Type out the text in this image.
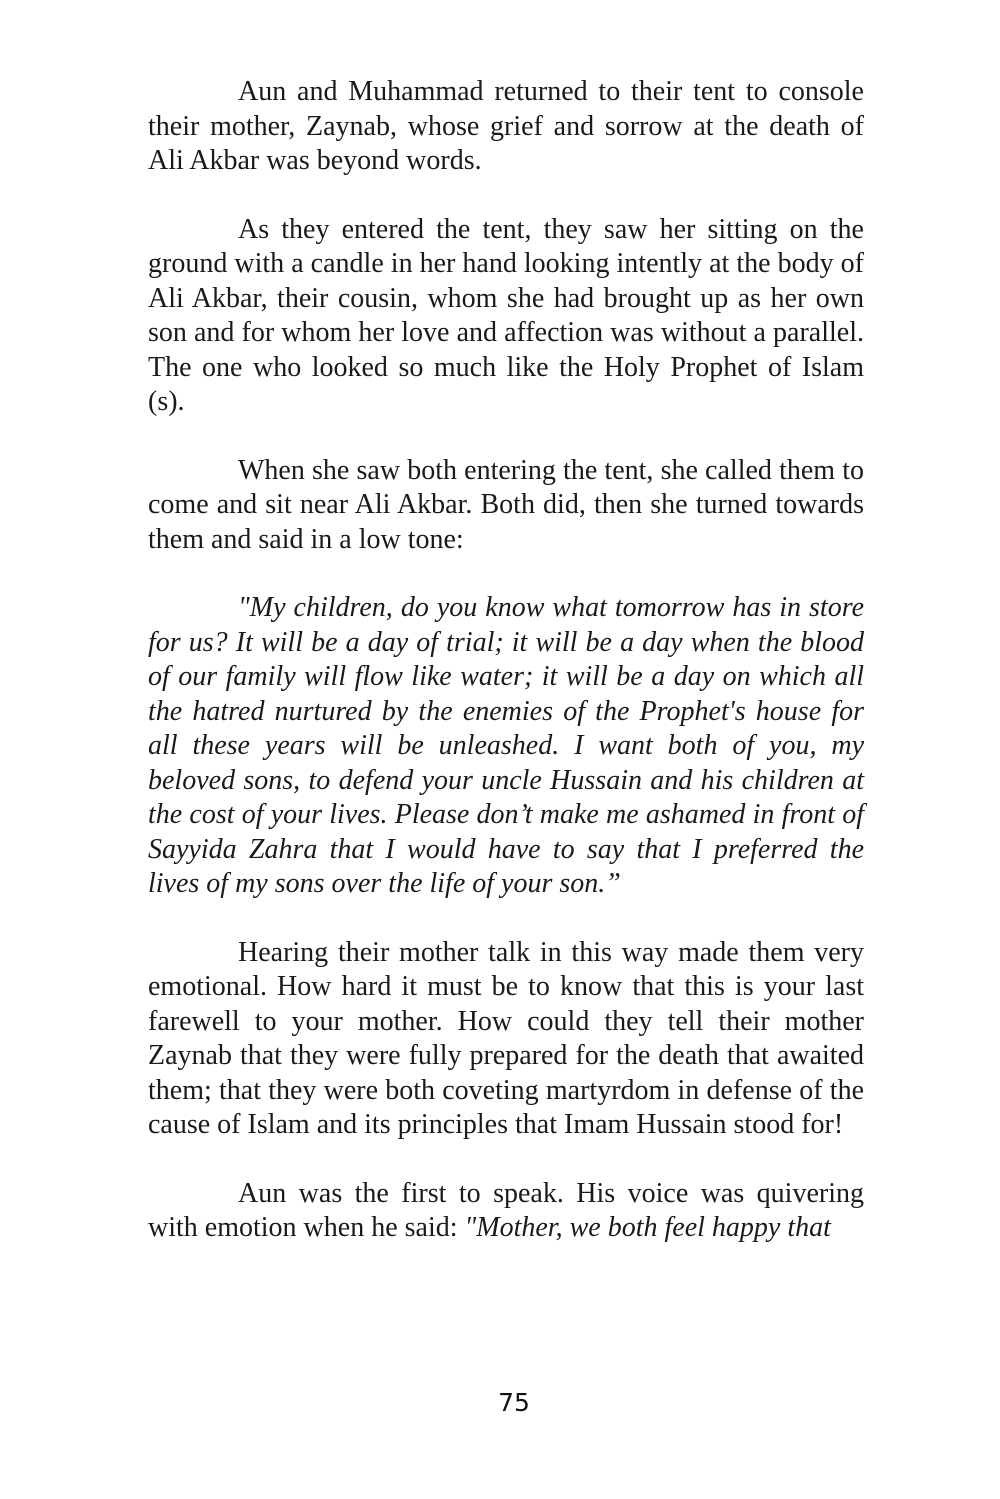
Aun and Muhammad returned to their tent to console their mother, Zaynab, whose grief and sorrow at the death of Ali Akbar was beyond words.

As they entered the tent, they saw her sitting on the ground with a candle in her hand looking intently at the body of Ali Akbar, their cousin, whom she had brought up as her own son and for whom her love and affection was without a parallel. The one who looked so much like the Holy Prophet of Islam (s).

When she saw both entering the tent, she called them to come and sit near Ali Akbar. Both did, then she turned towards them and said in a low tone:

"My children, do you know what tomorrow has in store for us? It will be a day of trial; it will be a day when the blood of our family will flow like water; it will be a day on which all the hatred nurtured by the enemies of the Prophet's house for all these years will be unleashed. I want both of you, my beloved sons, to defend your uncle Hussain and his children at the cost of your lives. Please don’t make me ashamed in front of Sayyida Zahra that I would have to say that I preferred the lives of my sons over the life of your son.”

Hearing their mother talk in this way made them very emotional. How hard it must be to know that this is your last farewell to your mother. How could they tell their mother Zaynab that they were fully prepared for the death that awaited them; that they were both coveting martyrdom in defense of the cause of Islam and its principles that Imam Hussain stood for!

Aun was the first to speak. His voice was quivering with emotion when he said: "Mother, we both feel happy that

75
